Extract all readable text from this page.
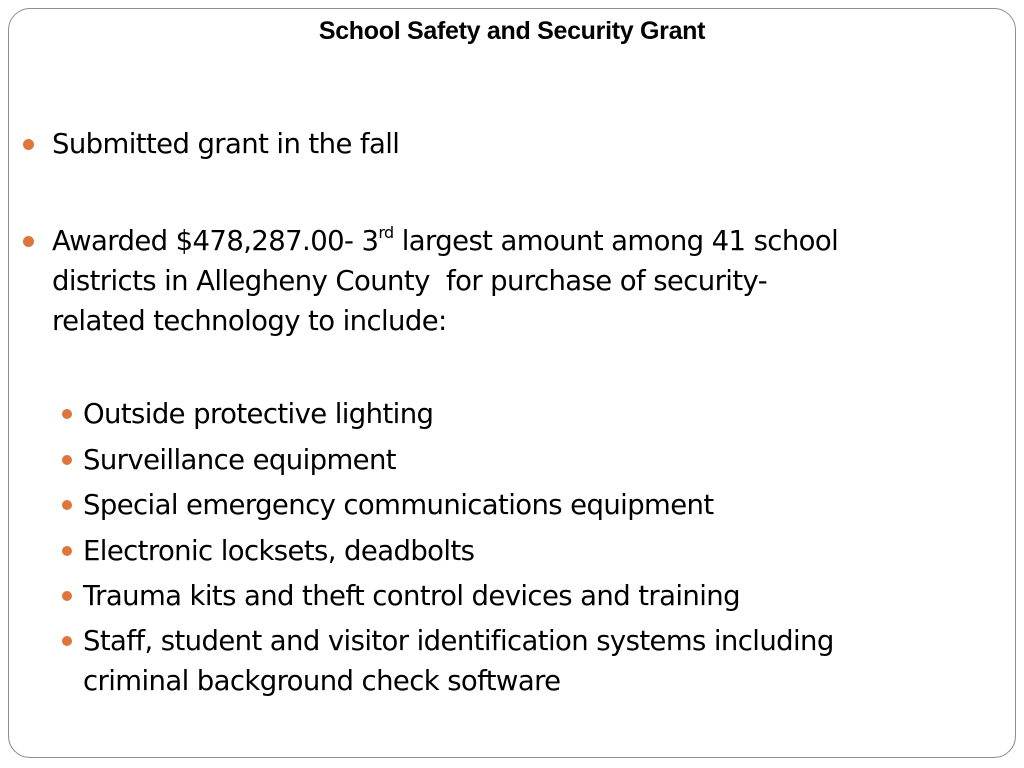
School Safety and Security Grant
Submitted grant in the fall
Awarded $478,287.00- 3rd largest amount among 41 school
districts in Allegheny County  for purchase of security-
related technology to include:
Outside protective lighting
Surveillance equipment
Special emergency communications equipment
Electronic locksets, deadbolts
Trauma kits and theft control devices and training
Staff, student and visitor identification systems including
criminal background check software
